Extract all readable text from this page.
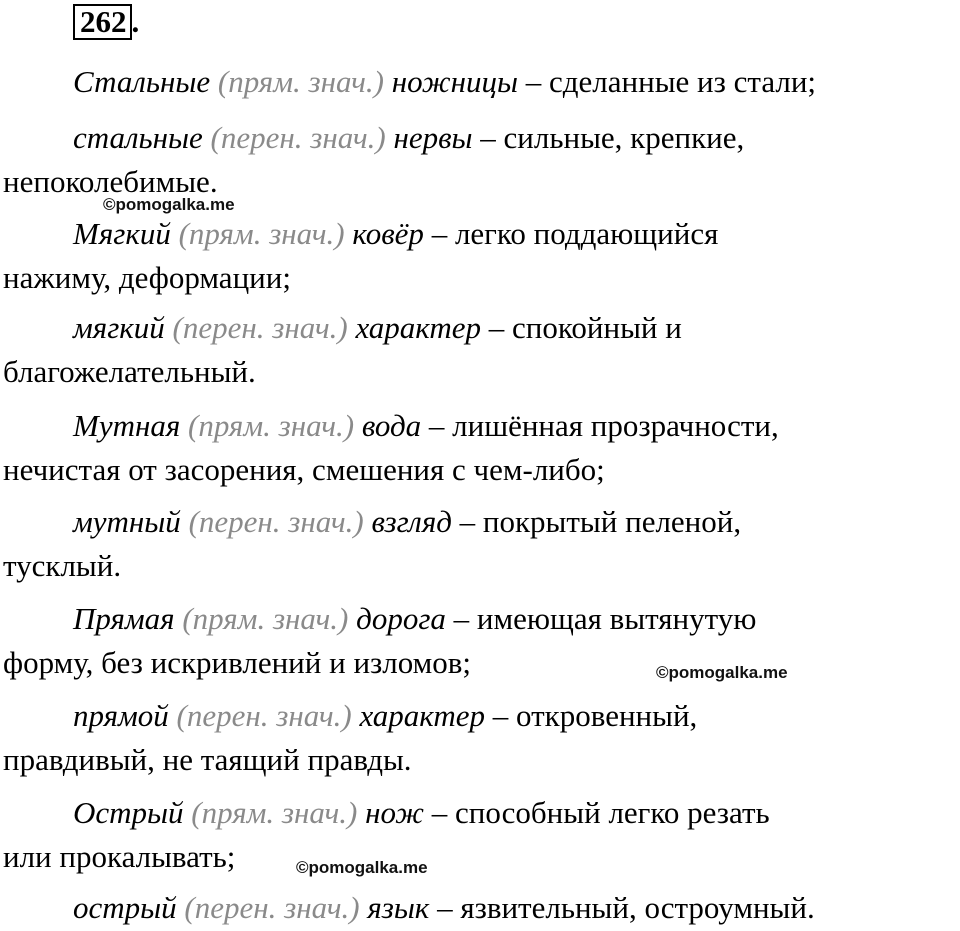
262 .
Стальные (прям. знач.) ножницы – сделанные из стали;
стальные (перен. знач.) нервы – сильные, крепкие,
непоколебимые.
©pomogalka.me
Мягкий (прям. знач.) ковёр – легко поддающийся
нажиму, деформации;
мягкий (перен. знач.) характер – спокойный и
благожелательный.
Мутная (прям. знач.) вода – лишённая прозрачности,
нечистая от засорения, смешения с чем-либо;
мутный (перен. знач.) взгляд – покрытый пеленой,
тусклый.
Прямая (прям. знач.) дорога – имеющая вытянутую
форму, без искривлений и изломов;	©pomogalka.me
прямой (перен. знач.) характер – откровенный,
правдивый, не таящий правды.
Острый (прям. знач.) нож – способный легко резать
или прокалывать;	©pomogalka.me
острый (перен. знач.) язык – язвительный, остроумный.
